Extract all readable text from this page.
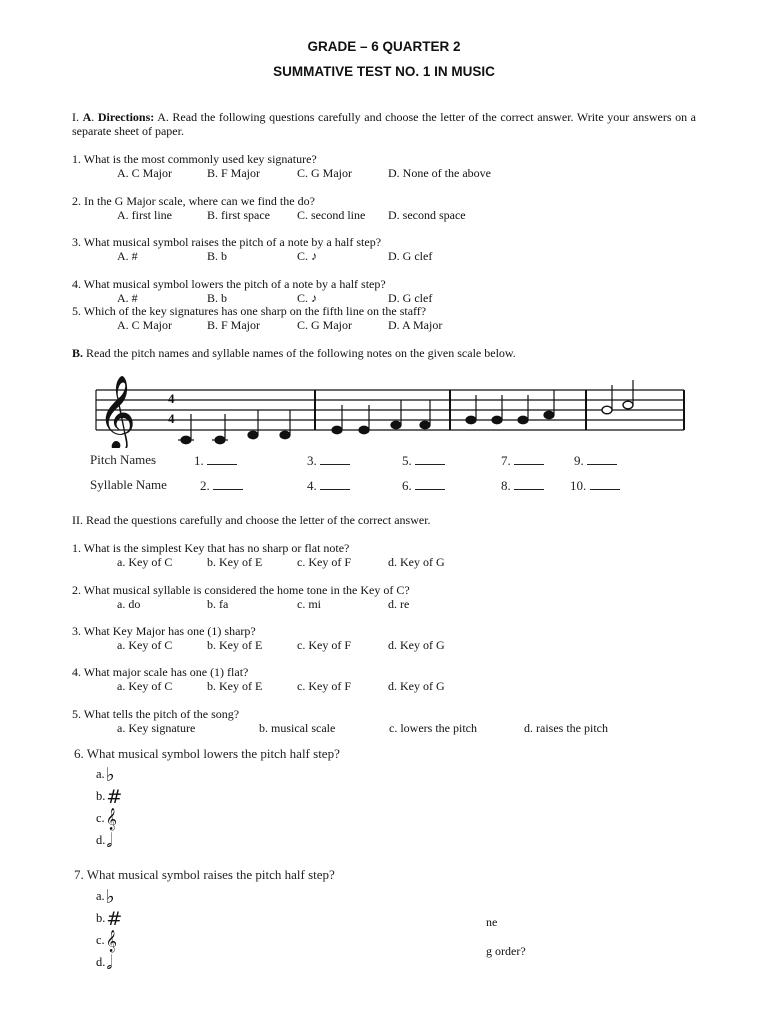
GRADE – 6 QUARTER 2
SUMMATIVE TEST NO. 1 IN MUSIC
I. A. Directions: A. Read the following questions carefully and choose the letter of the correct answer. Write your answers on a separate sheet of paper.
1. What is the most commonly used key signature?
A. C Major	B. F Major	C. G Major	D. None of the above
2. In the G Major scale, where can we find the do?
A. first line	B. first space C. second line D. second space
3. What musical symbol raises the pitch of a note by a half step?
A. #	B. b	C. ♪	D. G clef
4. What musical symbol lowers the pitch of a note by a half step?
A. #	B. b	C. ♪	D. G clef
5. Which of the key signatures has one sharp on the fifth line on the staff?
A. C Major	B. F Major	C. G Major	D. A Major
B. Read the pitch names and syllable names of the following notes on the given scale below.
𝄞 4
4
Pitch Names	1.	3.	5.	7.	9.
Syllable Name	2.	4.	6.	8.	10.
II. Read the questions carefully and choose the letter of the correct answer.
1. What is the simplest Key that has no sharp or flat note?
a. Key of C	b. Key of E	c. Key of F	d. Key of G
2. What musical syllable is considered the home tone in the Key of C?
a. do	b. fa	c. mi	d. re
3. What Key Major has one (1) sharp?
a. Key of C	b. Key of E	c. Key of F	d. Key of G
4. What major scale has one (1) flat?
a. Key of C	b. Key of E	c. Key of F	d. Key of G
5. What tells the pitch of the song?
a. Key signature	b. musical scale	c. lowers the pitch	d. raises the pitch
6. What musical symbol lowers the pitch half step?
a.♭
b.#
c.𝄞
d.𝅗𝅥
7. What musical symbol raises the pitch half step?
a.♭
b.#
c.𝄞
d.𝅗𝅥
ne
g order?
